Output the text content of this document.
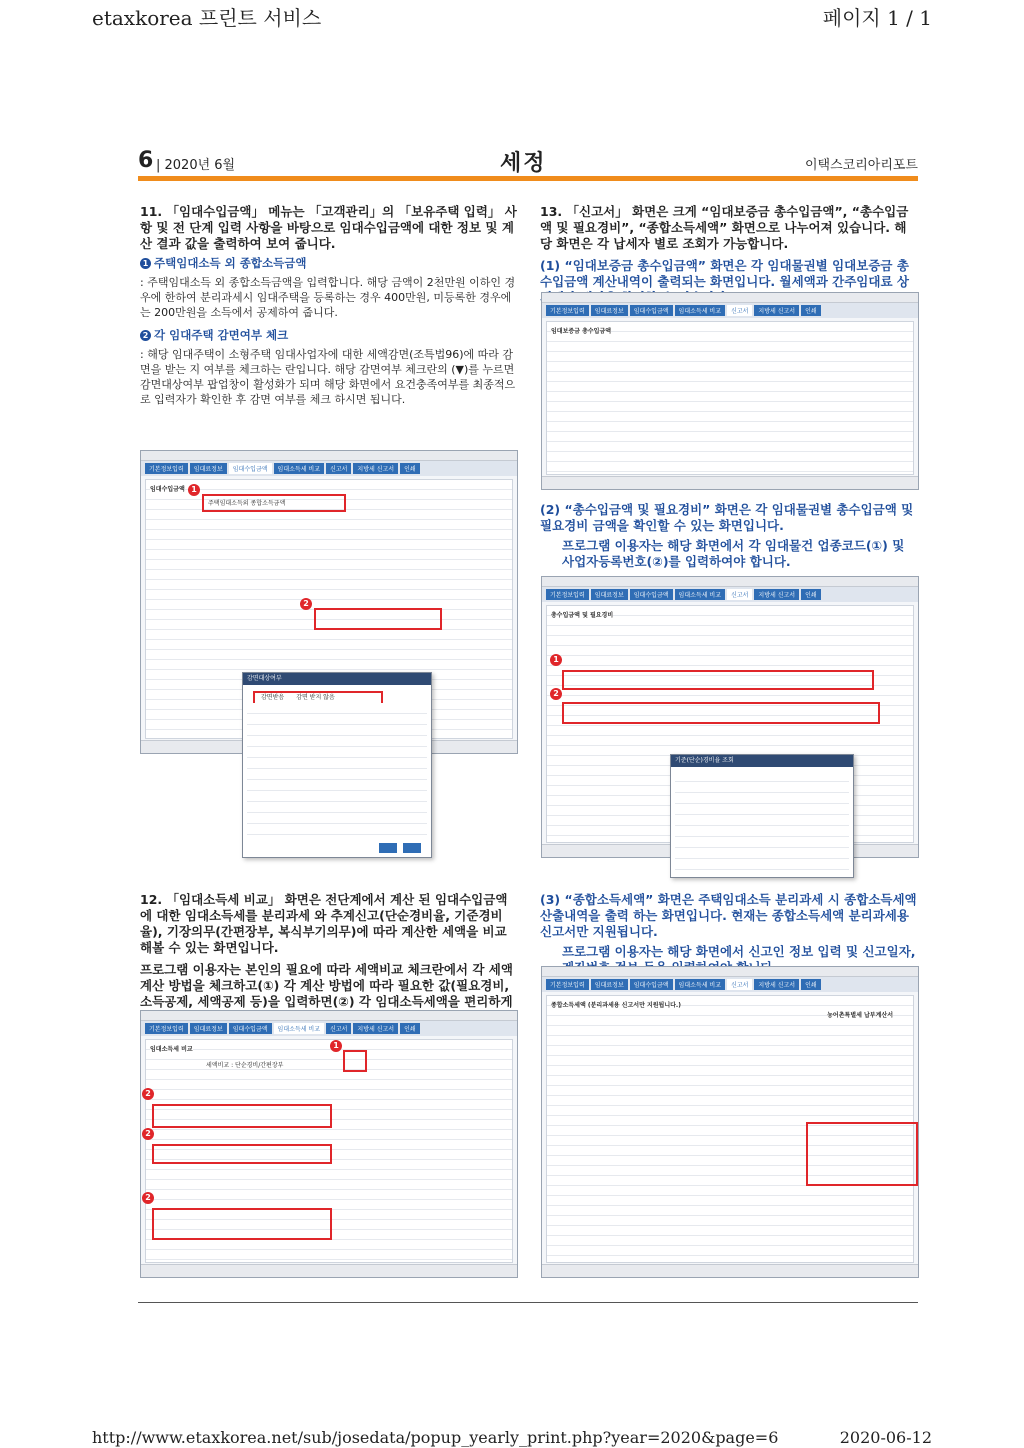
etaxkorea 프린트 서비스	페이지 1 / 1
http://www.etaxkorea.net/sub/josedata/popup_yearly_print.php?year=2020&page=6	2020-06-12
6 | 2020년 6월	세정	이택스코리아리포트
11. 「임대수입금액」 메뉴는 「고객관리」의 「보유주택 입력」 사항 및 전 단계 입력 사항을 바탕으로 임대수입금액에 대한 정보 및 계산 결과 값을 출력하여 보여 줍니다.
1 주택임대소득 외 종합소득금액
: 주택임대소득 외 종합소득금액을 입력합니다. 해당 금액이 2천만원 이하인 경우에 한하여 분리과세시 임대주택을 등록하는 경우 400만원, 미등록한 경우에는 200만원을 소득에서 공제하여 줍니다.
2 각 임대주택 감면여부 체크
: 해당 임대주택이 소형주택 임대사업자에 대한 세액감면(조특법96)에 따라 감면을 받는 지 여부를 체크하는 란입니다. 해당 감면여부 체크란의 (▼)를 누르면 감면대상여부 팝업창이 활성화가 되며 해당 화면에서 요건충족여부를 최종적으로 입력자가 확인한 후 감면 여부를 체크 하시면 됩니다.
기본정보입력	임대료정보	임대수입금액	임대소득세 비교	신고서	지방세 신고서	인쇄
임대수입금액
주택임대소득외 종합소득금액
1
2
감면대상여부
감면받음 감면 받지 않음
12. 「임대소득세 비교」 화면은 전단계에서 계산 된 임대수입금액에 대한 임대소득세를 분리과세 와 추계신고(단순경비율, 기준경비율), 기장의무(간편장부, 복식부기의무)에 따라 계산한 세액을 비교해볼 수 있는 화면입니다.
프로그램 이용자는 본인의 필요에 따라 세액비교 체크란에서 각 세액 계산 방법을 체크하고(①) 각 계산 방법에 따라 필요한 값(필요경비, 소득공제, 세액공제 등)을 입력하면(②) 각 임대소득세액을 편리하게
기본정보입력	임대료정보	임대수입금액	임대소득세 비교	신고서	지방세 신고서	인쇄
임대소득세 비교
세액비교 : 단순경비/간편장부
1
2
2
2
13. 「신고서」 화면은 크게 “임대보증금 총수입금액”, “총수입금액 및 필요경비”, “종합소득세액” 화면으로 나누어져 있습니다. 해당 화면은 각 납세자 별로 조회가 가능합니다.
(1) “임대보증금 총수입금액” 화면은 각 임대물권별 임대보증금 총수입금액 계산내역이 출력되는 화면입니다. 월세액과 간주임대료 상
기본정보입력	임대료정보	임대수입금액	임대소득세 비교	신고서	지방세 신고서	인쇄
임대보증금 총수입금액
(2) “총수입금액 및 필요경비” 화면은 각 임대물권별 총수입금액 및 필요경비 금액을 확인할 수 있는 화면입니다.
프로그램 이용자는 해당 화면에서 각 임대물건 업종코드(①) 및 사업자등록번호(②)를 입력하여야 합니다.
기본정보입력	임대료정보	임대수입금액	임대소득세 비교	신고서	지방세 신고서	인쇄
총수입금액 및 필요경비
1
2
기준(단순)경비율 조회
(3) “종합소득세액” 화면은 주택임대소득 분리과세 시 종합소득세액 산출내역을 출력 하는 화면입니다. 현재는 종합소득세액 분리과세용 신고서만 지원됩니다.
프로그램 이용자는 해당 화면에서 신고인 정보 입력 및 신고일자,
기본정보입력	임대료정보	임대수입금액	임대소득세 비교	신고서	지방세 신고서	인쇄
종합소득세액 (분리과세용 신고서만 지원됩니다.)
농어촌특별세 납부계산서
